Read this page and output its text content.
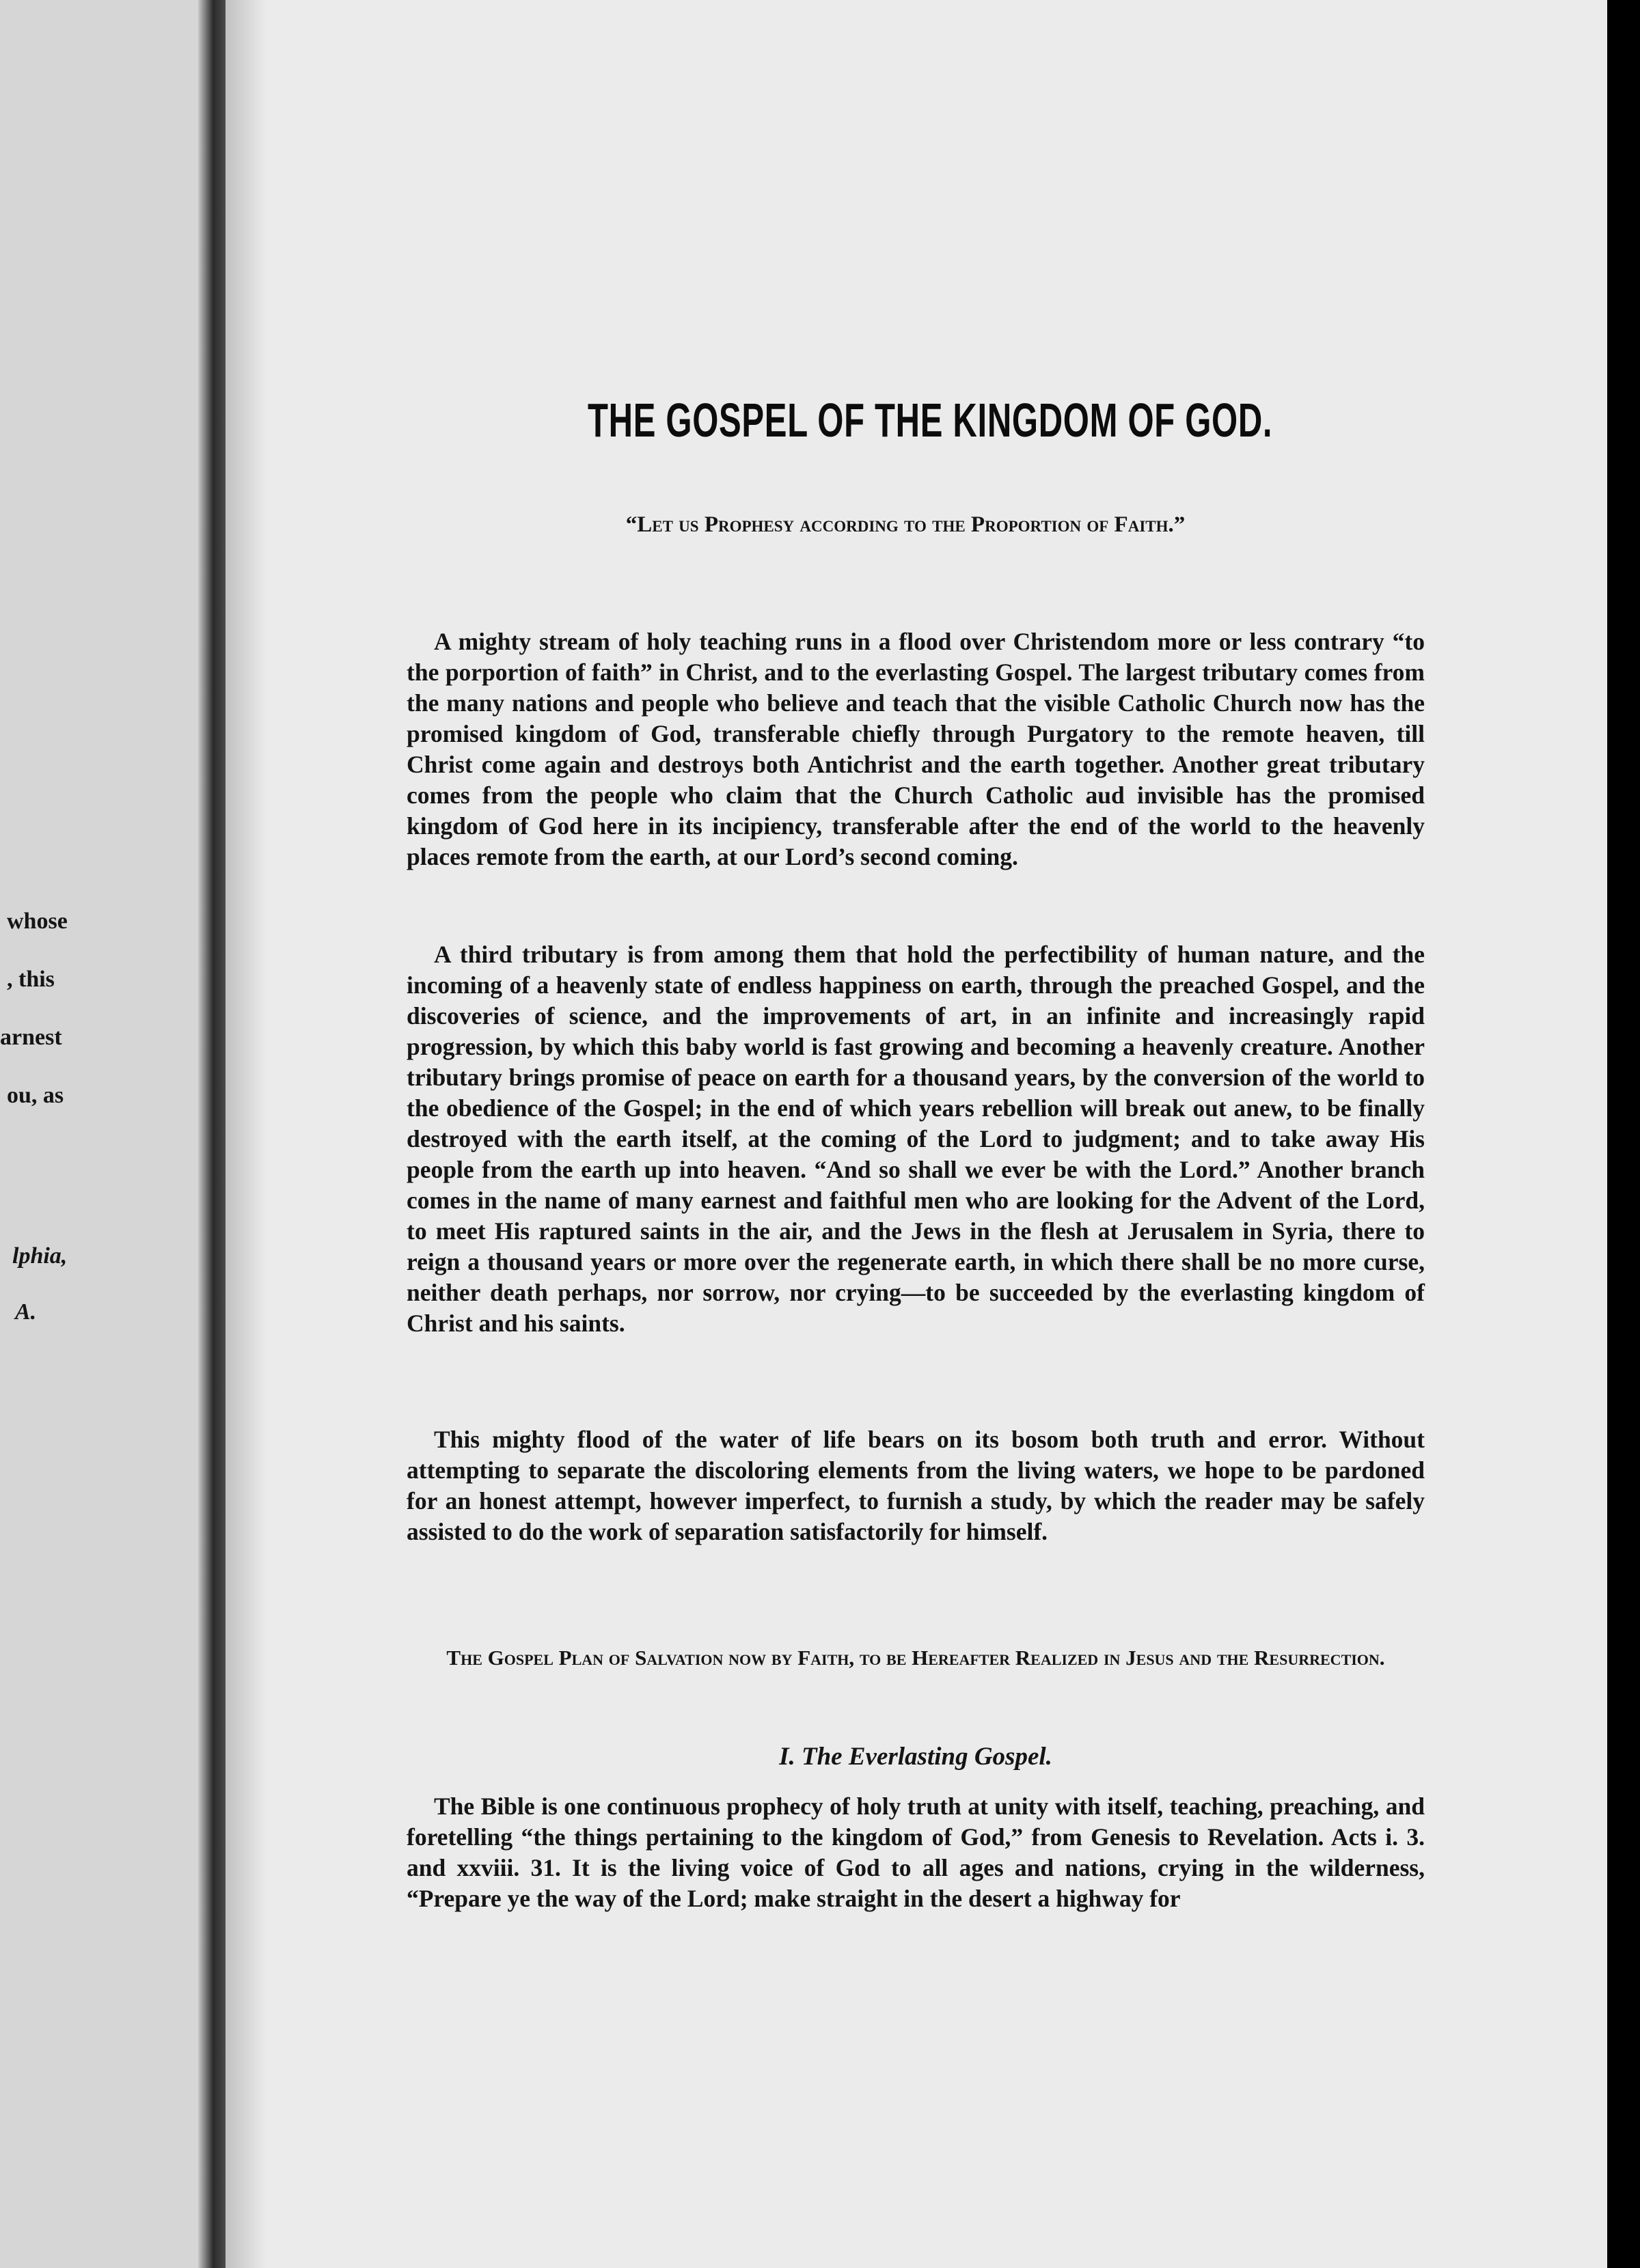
whose
, this
arnest
ou, as
lphia,
A.
THE GOSPEL OF THE KINGDOM OF GOD.
“Let us Prophesy according to the Proportion of Faith.”

A mighty stream of holy teaching runs in a flood over Christendom more or less contrary “to the porportion of faith” in Christ, and to the everlasting Gospel. The largest tributary comes from the many nations and people who believe and teach that the visible Catholic Church now has the promised kingdom of God, transferable chiefly through Purgatory to the remote heaven, till Christ come again and destroys both Antichrist and the earth together. Another great tributary comes from the people who claim that the Church Catholic aud invisible has the promised kingdom of God here in its incipiency, transferable after the end of the world to the heavenly places remote from the earth, at our Lord’s second coming.

A third tributary is from among them that hold the perfectibility of human nature, and the incoming of a heavenly state of endless happiness on earth, through the preached Gospel, and the discoveries of science, and the improvements of art, in an infinite and increasingly rapid progression, by which this baby world is fast growing and becoming a heavenly creature. Another tributary brings promise of peace on earth for a thousand years, by the conversion of the world to the obedience of the Gospel; in the end of which years rebellion will break out anew, to be finally destroyed with the earth itself, at the coming of the Lord to judgment; and to take away His people from the earth up into heaven. “And so shall we ever be with the Lord.” Another branch comes in the name of many earnest and faithful men who are looking for the Advent of the Lord, to meet His raptured saints in the air, and the Jews in the flesh at Jerusalem in Syria, there to reign a thousand years or more over the regenerate earth, in which there shall be no more curse, neither death perhaps, nor sorrow, nor crying—to be succeeded by the everlasting kingdom of Christ and his saints.

This mighty flood of the water of life bears on its bosom both truth and error. Without attempting to separate the discoloring elements from the living waters, we hope to be pardoned for an honest attempt, however imperfect, to furnish a study, by which the reader may be safely assisted to do the work of separation satisfactorily for himself.

The Gospel Plan of Salvation now by Faith, to be Hereafter Realized in Jesus and the Resurrection.
I. The Everlasting Gospel.

The Bible is one continuous prophecy of holy truth at unity with itself, teaching, preaching, and foretelling “the things pertaining to the kingdom of God,” from Genesis to Revelation. Acts i. 3. and xxviii. 31. It is the living voice of God to all ages and nations, crying in the wilderness, “Prepare ye the way of the Lord; make straight in the desert a highway for
